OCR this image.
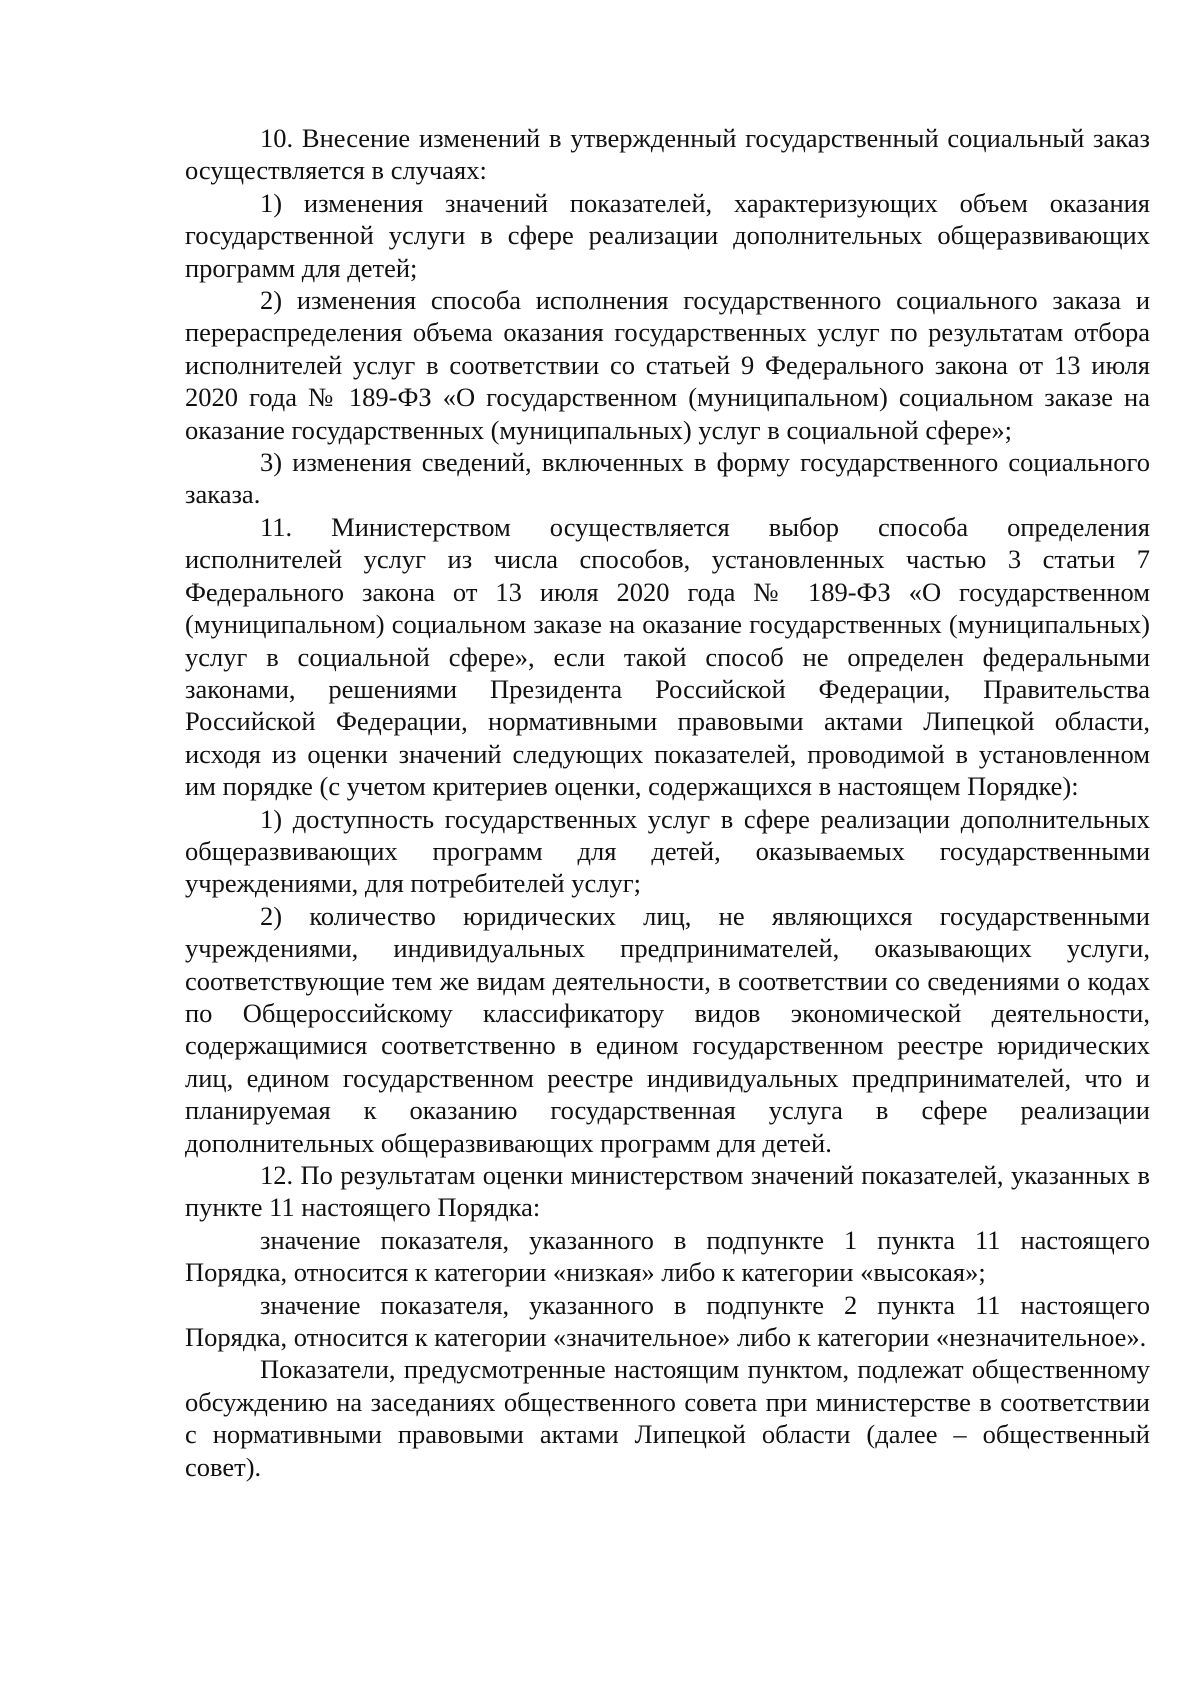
10. Внесение изменений в утвержденный государственный социальный заказ осуществляется в случаях:

1) изменения значений показателей, характеризующих объем оказания государственной услуги в сфере реализации дополнительных общеразвивающих программ для детей;

2) изменения способа исполнения государственного социального заказа и перераспределения объема оказания государственных услуг по результатам отбора исполнителей услуг в соответствии со статьей 9 Федерального закона от 13 июля 2020 года № 189-ФЗ «О государственном (муниципальном) социальном заказе на оказание государственных (муниципальных) услуг в социальной сфере»;

3) изменения сведений, включенных в форму государственного социального заказа.

11. Министерством осуществляется выбор способа определения исполнителей услуг из числа способов, установленных частью 3 статьи 7 Федерального закона от 13 июля 2020 года № 189-ФЗ «О государственном (муниципальном) социальном заказе на оказание государственных (муниципальных) услуг в социальной сфере», если такой способ не определен федеральными законами, решениями Президента Российской Федерации, Правительства Российской Федерации, нормативными правовыми актами Липецкой области, исходя из оценки значений следующих показателей, проводимой в установленном им порядке (с учетом критериев оценки, содержащихся в настоящем Порядке):

1) доступность государственных услуг в сфере реализации дополнительных общеразвивающих программ для детей, оказываемых государственными учреждениями, для потребителей услуг;

2) количество юридических лиц, не являющихся государственными учреждениями, индивидуальных предпринимателей, оказывающих услуги, соответствующие тем же видам деятельности, в соответствии со сведениями о кодах по Общероссийскому классификатору видов экономической деятельности, содержащимися соответственно в едином государственном реестре юридических лиц, едином государственном реестре индивидуальных предпринимателей, что и планируемая к оказанию государственная услуга в сфере реализации дополнительных общеразвивающих программ для детей.

12. По результатам оценки министерством значений показателей, указанных в пункте 11 настоящего Порядка:

значение показателя, указанного в подпункте 1 пункта 11 настоящего Порядка, относится к категории «низкая» либо к категории «высокая»;

значение показателя, указанного в подпункте 2 пункта 11 настоящего Порядка, относится к категории «значительное» либо к категории «незначительное».

Показатели, предусмотренные настоящим пунктом, подлежат общественному обсуждению на заседаниях общественного совета при министерстве в соответствии с нормативными правовыми актами Липецкой области (далее – общественный совет).
